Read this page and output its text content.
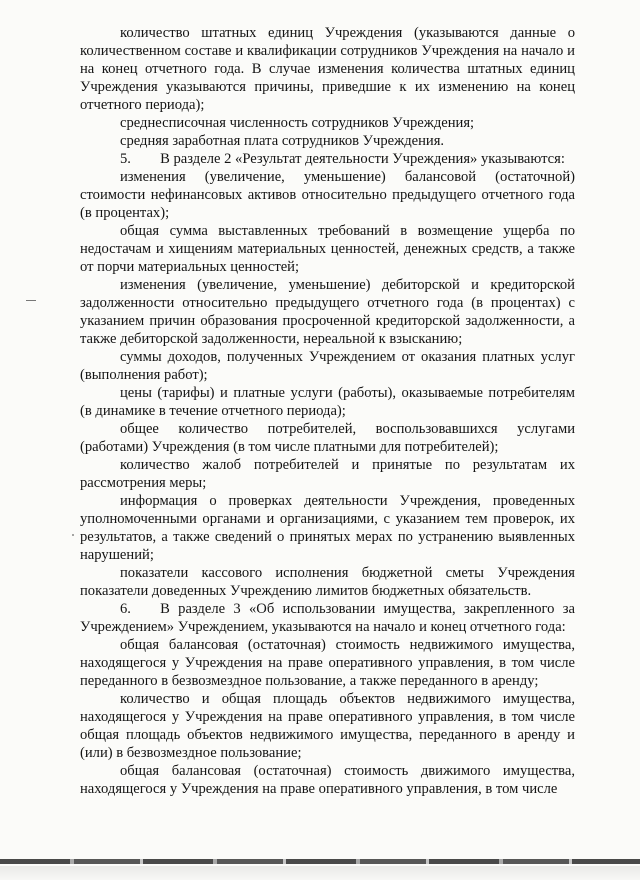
количество штатных единиц Учреждения (указываются данные о количественном составе и квалификации сотрудников Учреждения на начало и на конец отчетного года. В случае изменения количества штатных единиц Учреждения указываются причины, приведшие к их изменению на конец отчетного периода);

среднесписочная численность сотрудников Учреждения;

средняя заработная плата сотрудников Учреждения.

5.  В разделе 2 «Результат деятельности Учреждения» указываются:

изменения (увеличение, уменьшение) балансовой (остаточной) стоимости нефинансовых активов относительно предыдущего отчетного года (в процентах);

общая сумма выставленных требований в возмещение ущерба по недостачам и хищениям материальных ценностей, денежных средств, а также от порчи материальных ценностей;

изменения (увеличение, уменьшение) дебиторской и кредиторской задолженности относительно предыдущего отчетного года (в процентах) с указанием причин образования просроченной кредиторской задолженности, а также дебиторской задолженности, нереальной к взысканию;

суммы доходов, полученных Учреждением от оказания платных услуг (выполнения работ);

цены (тарифы) и платные услуги (работы), оказываемые потребителям (в динамике в течение отчетного периода);

общее количество потребителей, воспользовавшихся услугами (работами) Учреждения (в том числе платными для потребителей);

количество жалоб потребителей и принятые по результатам их рассмотрения меры;

информация о проверках деятельности Учреждения, проведенных уполномоченными органами и организациями, с указанием тем проверок, их результатов, а также сведений о принятых мерах по устранению выявленных нарушений;

показатели кассового исполнения бюджетной сметы Учреждения показатели доведенных Учреждению лимитов бюджетных обязательств.

6.  В разделе 3 «Об использовании имущества, закрепленного за Учреждением» Учреждением, указываются на начало и конец отчетного года:

общая балансовая (остаточная) стоимость недвижимого имущества, находящегося у Учреждения на праве оперативного управления, в том числе переданного в безвозмездное пользование, а также переданного в аренду;

количество и общая площадь объектов недвижимого имущества, находящегося у Учреждения на праве оперативного управления, в том числе общая площадь объектов недвижимого имущества, переданного в аренду и (или) в безвозмездное пользование;

общая балансовая (остаточная) стоимость движимого имущества, находящегося у Учреждения на праве оперативного управления, в том числе
